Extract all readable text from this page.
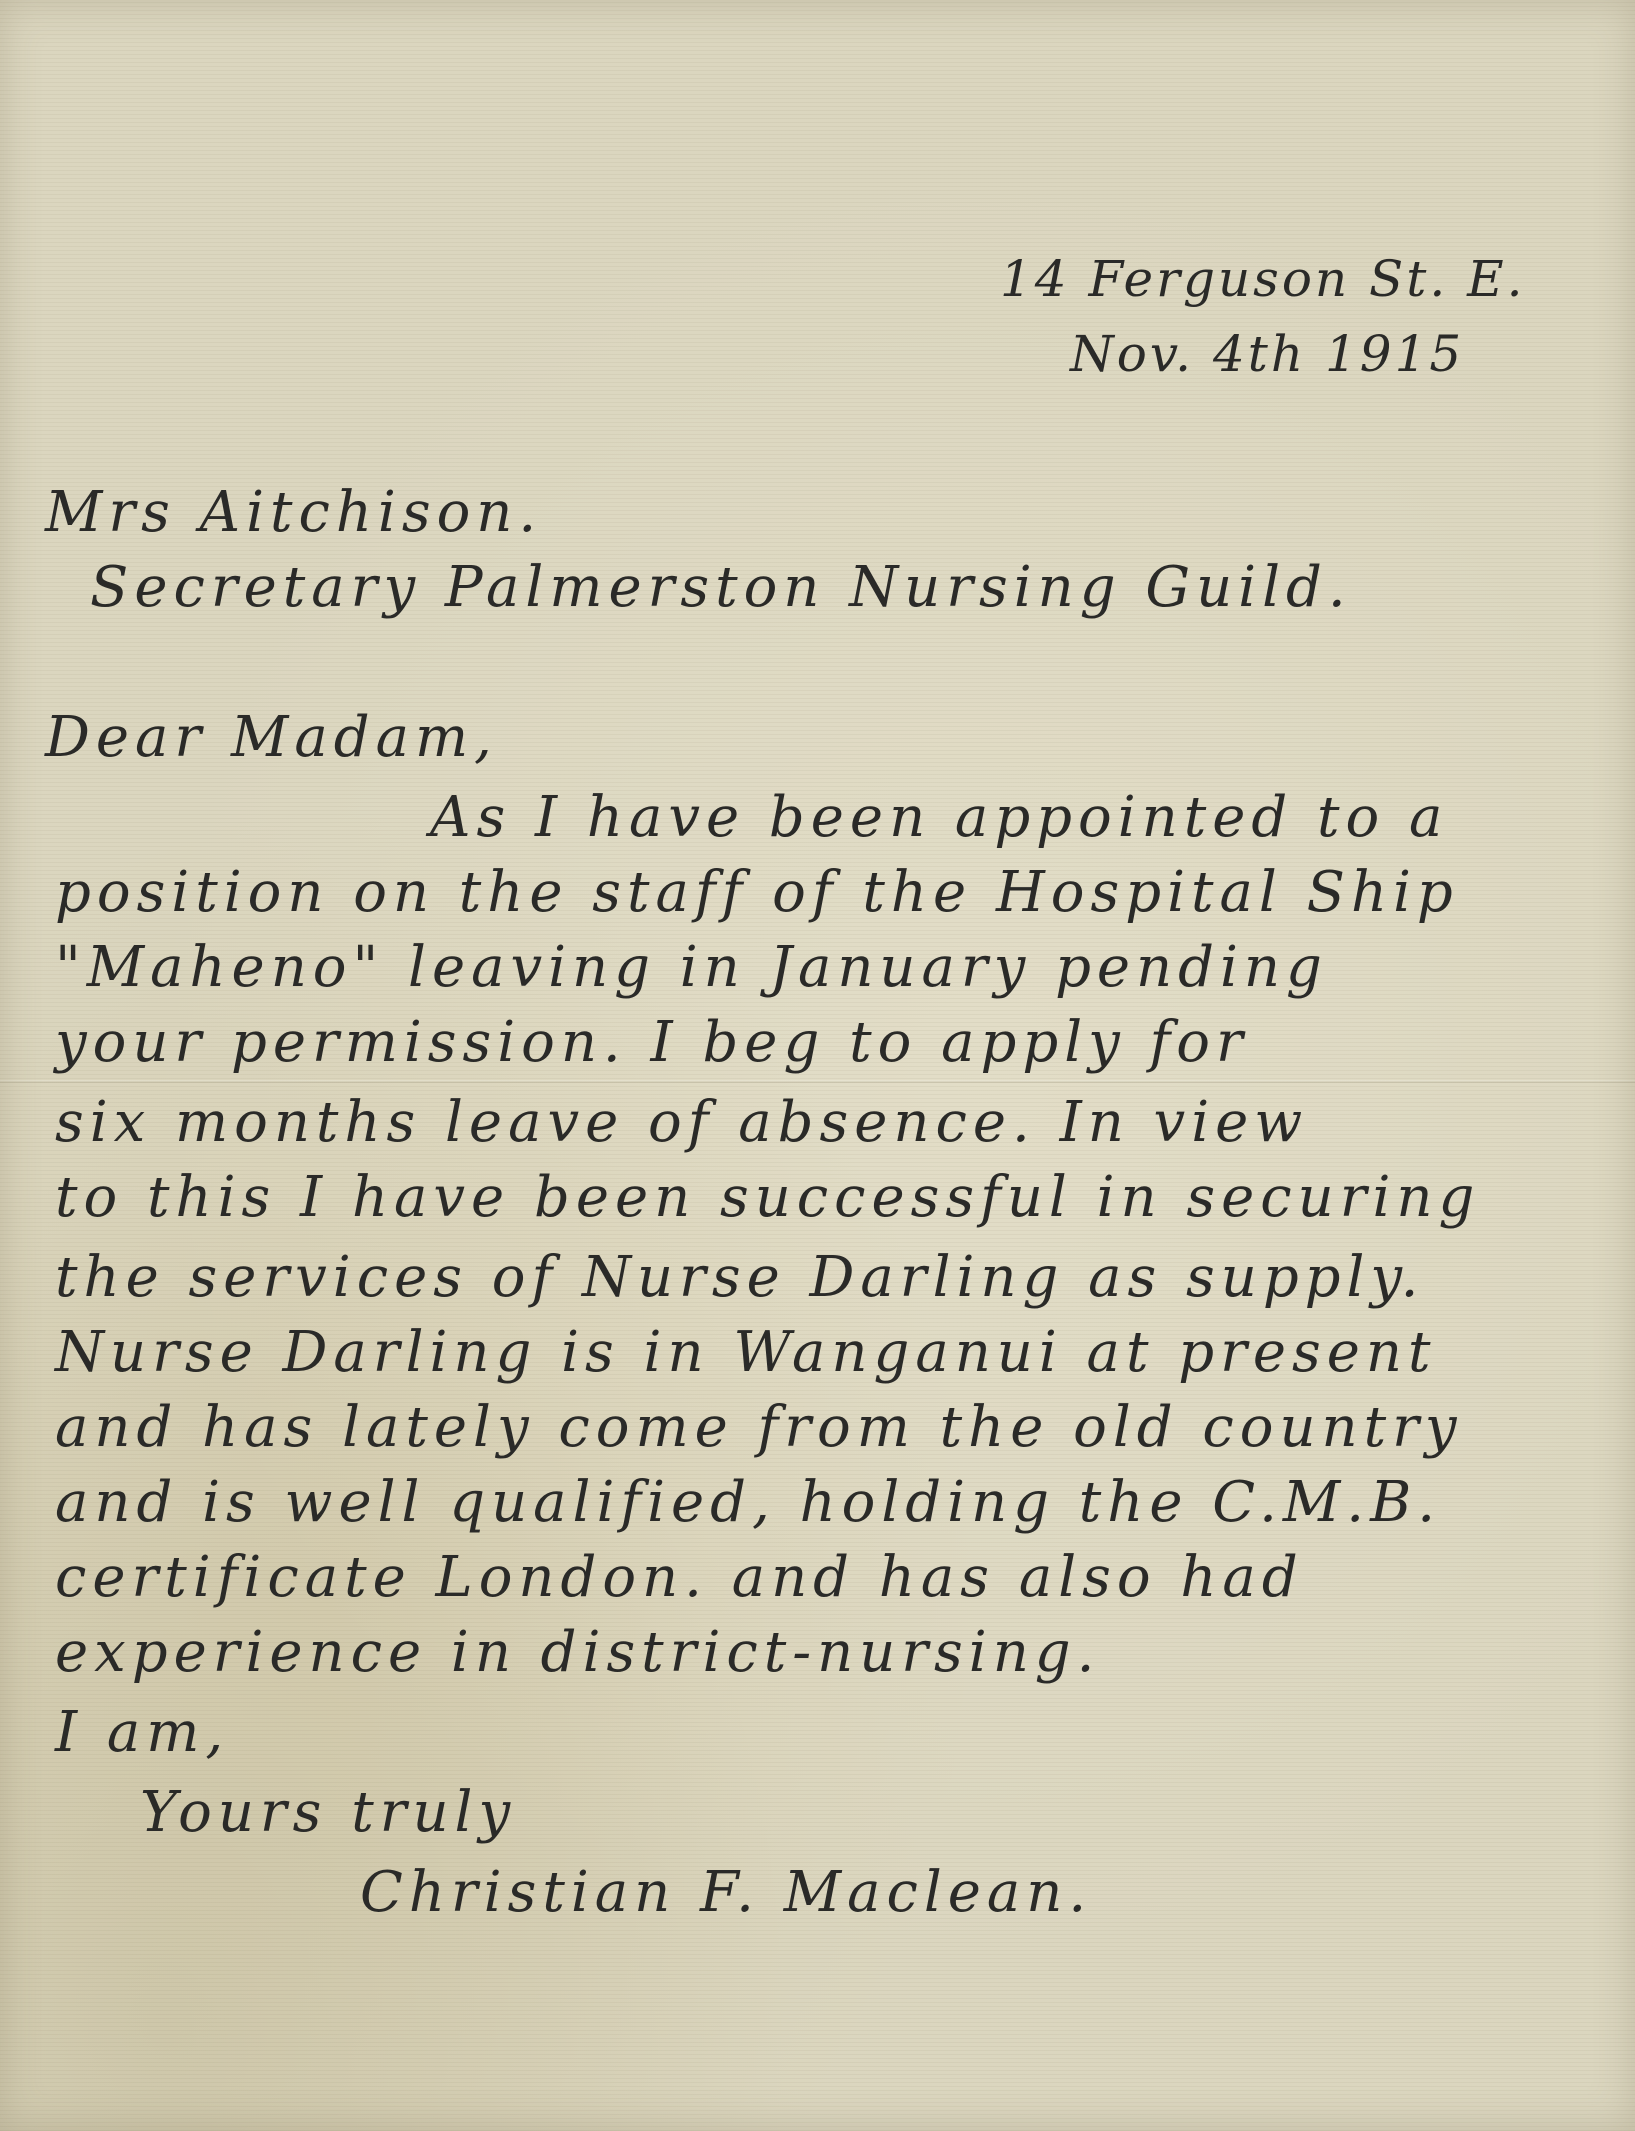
14 Ferguson St. E.
Nov. 4th 1915
Mrs Aitchison.
Secretary Palmerston Nursing Guild.
Dear Madam,
As I have been appointed to a
position on the staff of the Hospital Ship
"Maheno" leaving in January pending
your permission. I beg to apply for
six months leave of absence. In view
to this I have been successful in securing
the services of Nurse Darling as supply.
Nurse Darling is in Wanganui at present
and has lately come from the old country
and is well qualified, holding the C.M.B.
certificate London. and has also had
experience in district-nursing.
I am,
Yours truly
Christian F. Maclean.
